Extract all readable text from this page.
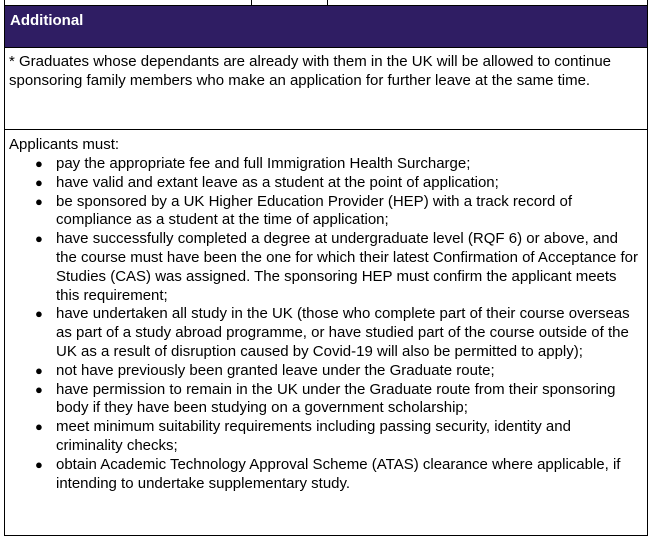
Additional

* Graduates whose dependants are already with them in the UK will be allowed to continue sponsoring family members who make an application for further leave at the same time.

Applicants must:

● pay the appropriate fee and full Immigration Health Surcharge;
● have valid and extant leave as a student at the point of application;
● be sponsored by a UK Higher Education Provider (HEP) with a track record of compliance as a student at the time of application;
● have successfully completed a degree at undergraduate level (RQF 6) or above, and the course must have been the one for which their latest Confirmation of Acceptance for Studies (CAS) was assigned. The sponsoring HEP must confirm the applicant meets this requirement;
● have undertaken all study in the UK (those who complete part of their course overseas as part of a study abroad programme, or have studied part of the course outside of the UK as a result of disruption caused by Covid-19 will also be permitted to apply);
● not have previously been granted leave under the Graduate route;
● have permission to remain in the UK under the Graduate route from their sponsoring body if they have been studying on a government scholarship;
● meet minimum suitability requirements including passing security, identity and criminality checks;
● obtain Academic Technology Approval Scheme (ATAS) clearance where applicable, if intending to undertake supplementary study.
